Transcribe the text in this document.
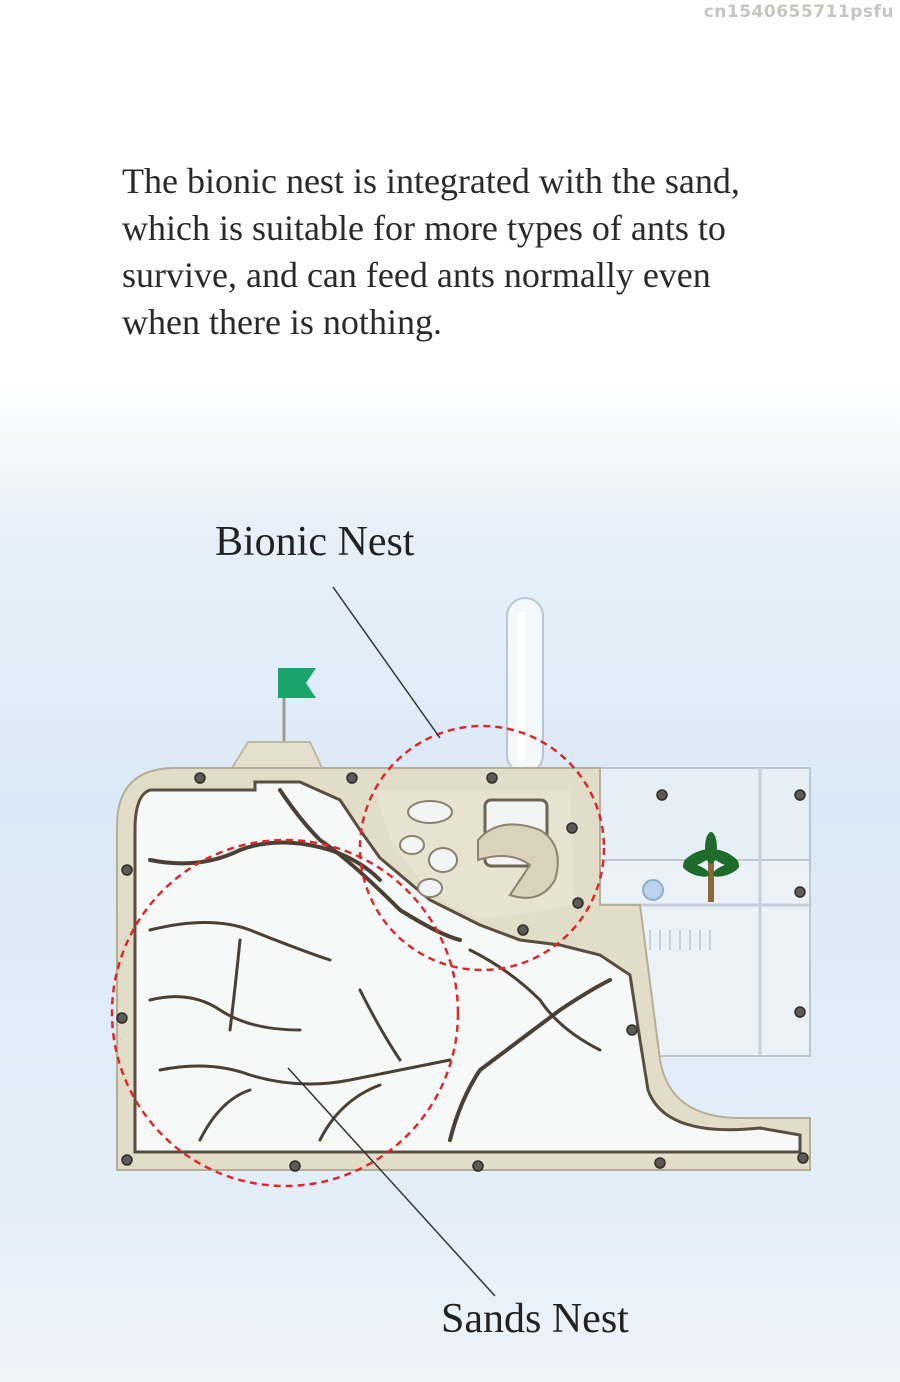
cn1540655711psfu

The bionic nest is integrated with the sand,
which is suitable for more types of ants to
survive, and can feed ants normally even
when there is nothing.

Bionic Nest
Sands Nest
